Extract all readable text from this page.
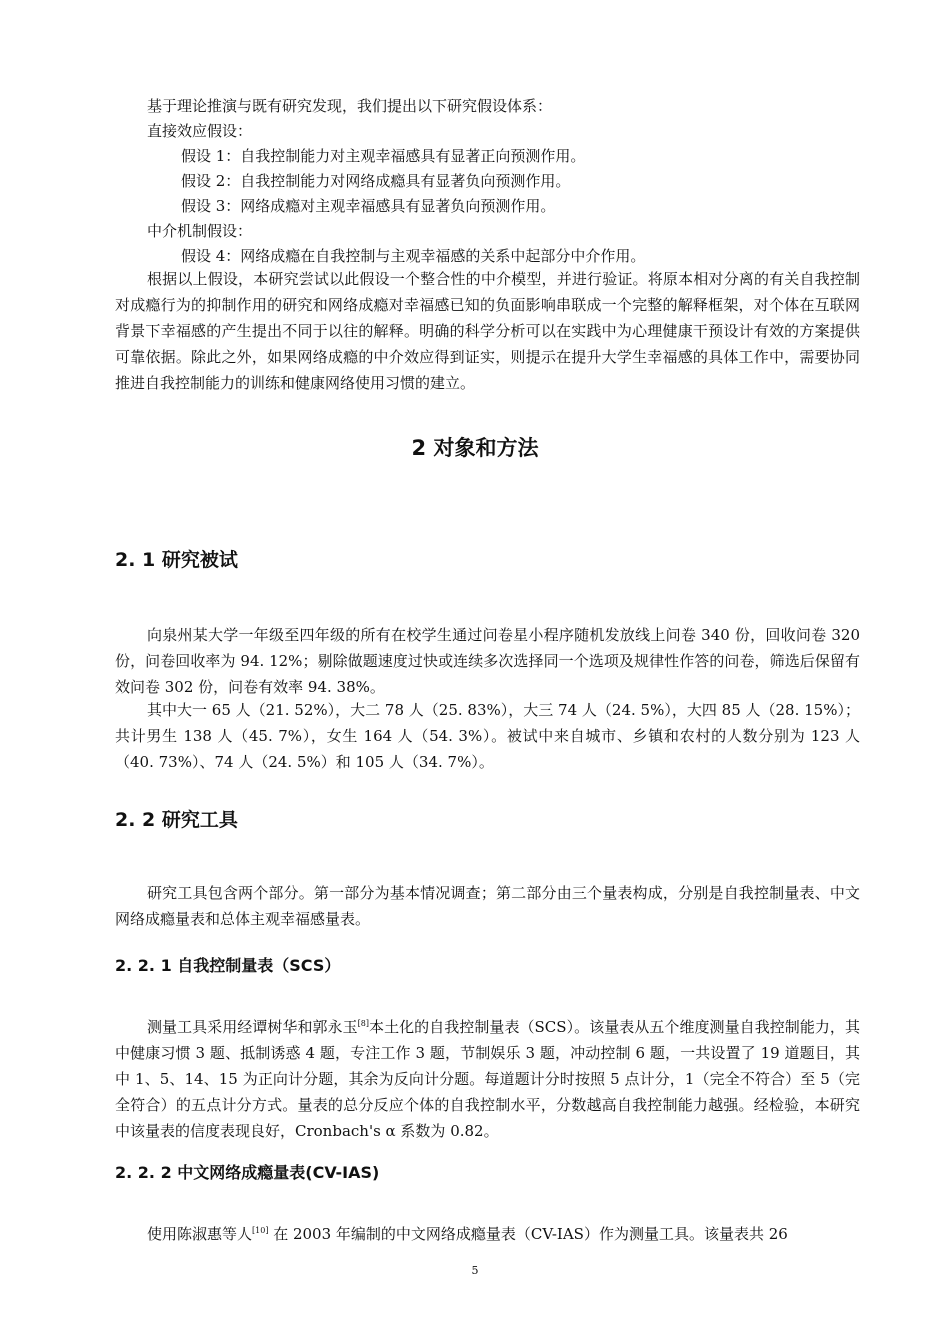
基于理论推演与既有研究发现，我们提出以下研究假设体系：

直接效应假设：

假设 1：自我控制能力对主观幸福感具有显著正向预测作用。

假设 2：自我控制能力对网络成瘾具有显著负向预测作用。

假设 3：网络成瘾对主观幸福感具有显著负向预测作用。

中介机制假设：

假设 4：网络成瘾在自我控制与主观幸福感的关系中起部分中介作用。

根据以上假设，本研究尝试以此假设一个整合性的中介模型，并进行验证。将原本相对分离的有关自我控制对成瘾行为的抑制作用的研究和网络成瘾对幸福感已知的负面影响串联成一个完整的解释框架，对个体在互联网背景下幸福感的产生提出不同于以往的解释。明确的科学分析可以在实践中为心理健康干预设计有效的方案提供可靠依据。除此之外，如果网络成瘾的中介效应得到证实，则提示在提升大学生幸福感的具体工作中，需要协同推进自我控制能力的训练和健康网络使用习惯的建立。

2 对象和方法
2. 1 研究被试

向泉州某大学一年级至四年级的所有在校学生通过问卷星小程序随机发放线上问卷 340 份，回收问卷 320 份，问卷回收率为 94. 12%；剔除做题速度过快或连续多次选择同一个选项及规律性作答的问卷，筛选后保留有效问卷 302 份，问卷有效率 94. 38%。

其中大一 65 人（21. 52%），大二 78 人（25. 83%），大三 74 人（24. 5%），大四 85 人（28. 15%）；共计男生 138 人（45. 7%），女生 164 人（54. 3%）。被试中来自城市、乡镇和农村的人数分别为 123 人（40. 73%）、74 人（24. 5%）和 105 人（34. 7%）。

2. 2 研究工具

研究工具包含两个部分。第一部分为基本情况调查；第二部分由三个量表构成，分别是自我控制量表、中文网络成瘾量表和总体主观幸福感量表。

2. 2. 1 自我控制量表（SCS）

测量工具采用经谭树华和郭永玉[8]本土化的自我控制量表（SCS）。该量表从五个维度测量自我控制能力，其中健康习惯 3 题、抵制诱惑 4 题，专注工作 3 题，节制娱乐 3 题，冲动控制 6 题，一共设置了 19 道题目，其中 1、5、14、15 为正向计分题，其余为反向计分题。每道题计分时按照 5 点计分，1（完全不符合）至 5（完全符合）的五点计分方式。量表的总分反应个体的自我控制水平，分数越高自我控制能力越强。经检验，本研究中该量表的信度表现良好，Cronbach's α 系数为 0.82。

2. 2. 2 中文网络成瘾量表(CV-IAS)

使用陈淑惠等人[10] 在 2003 年编制的中文网络成瘾量表（CV-IAS）作为测量工具。该量表共 26

5
